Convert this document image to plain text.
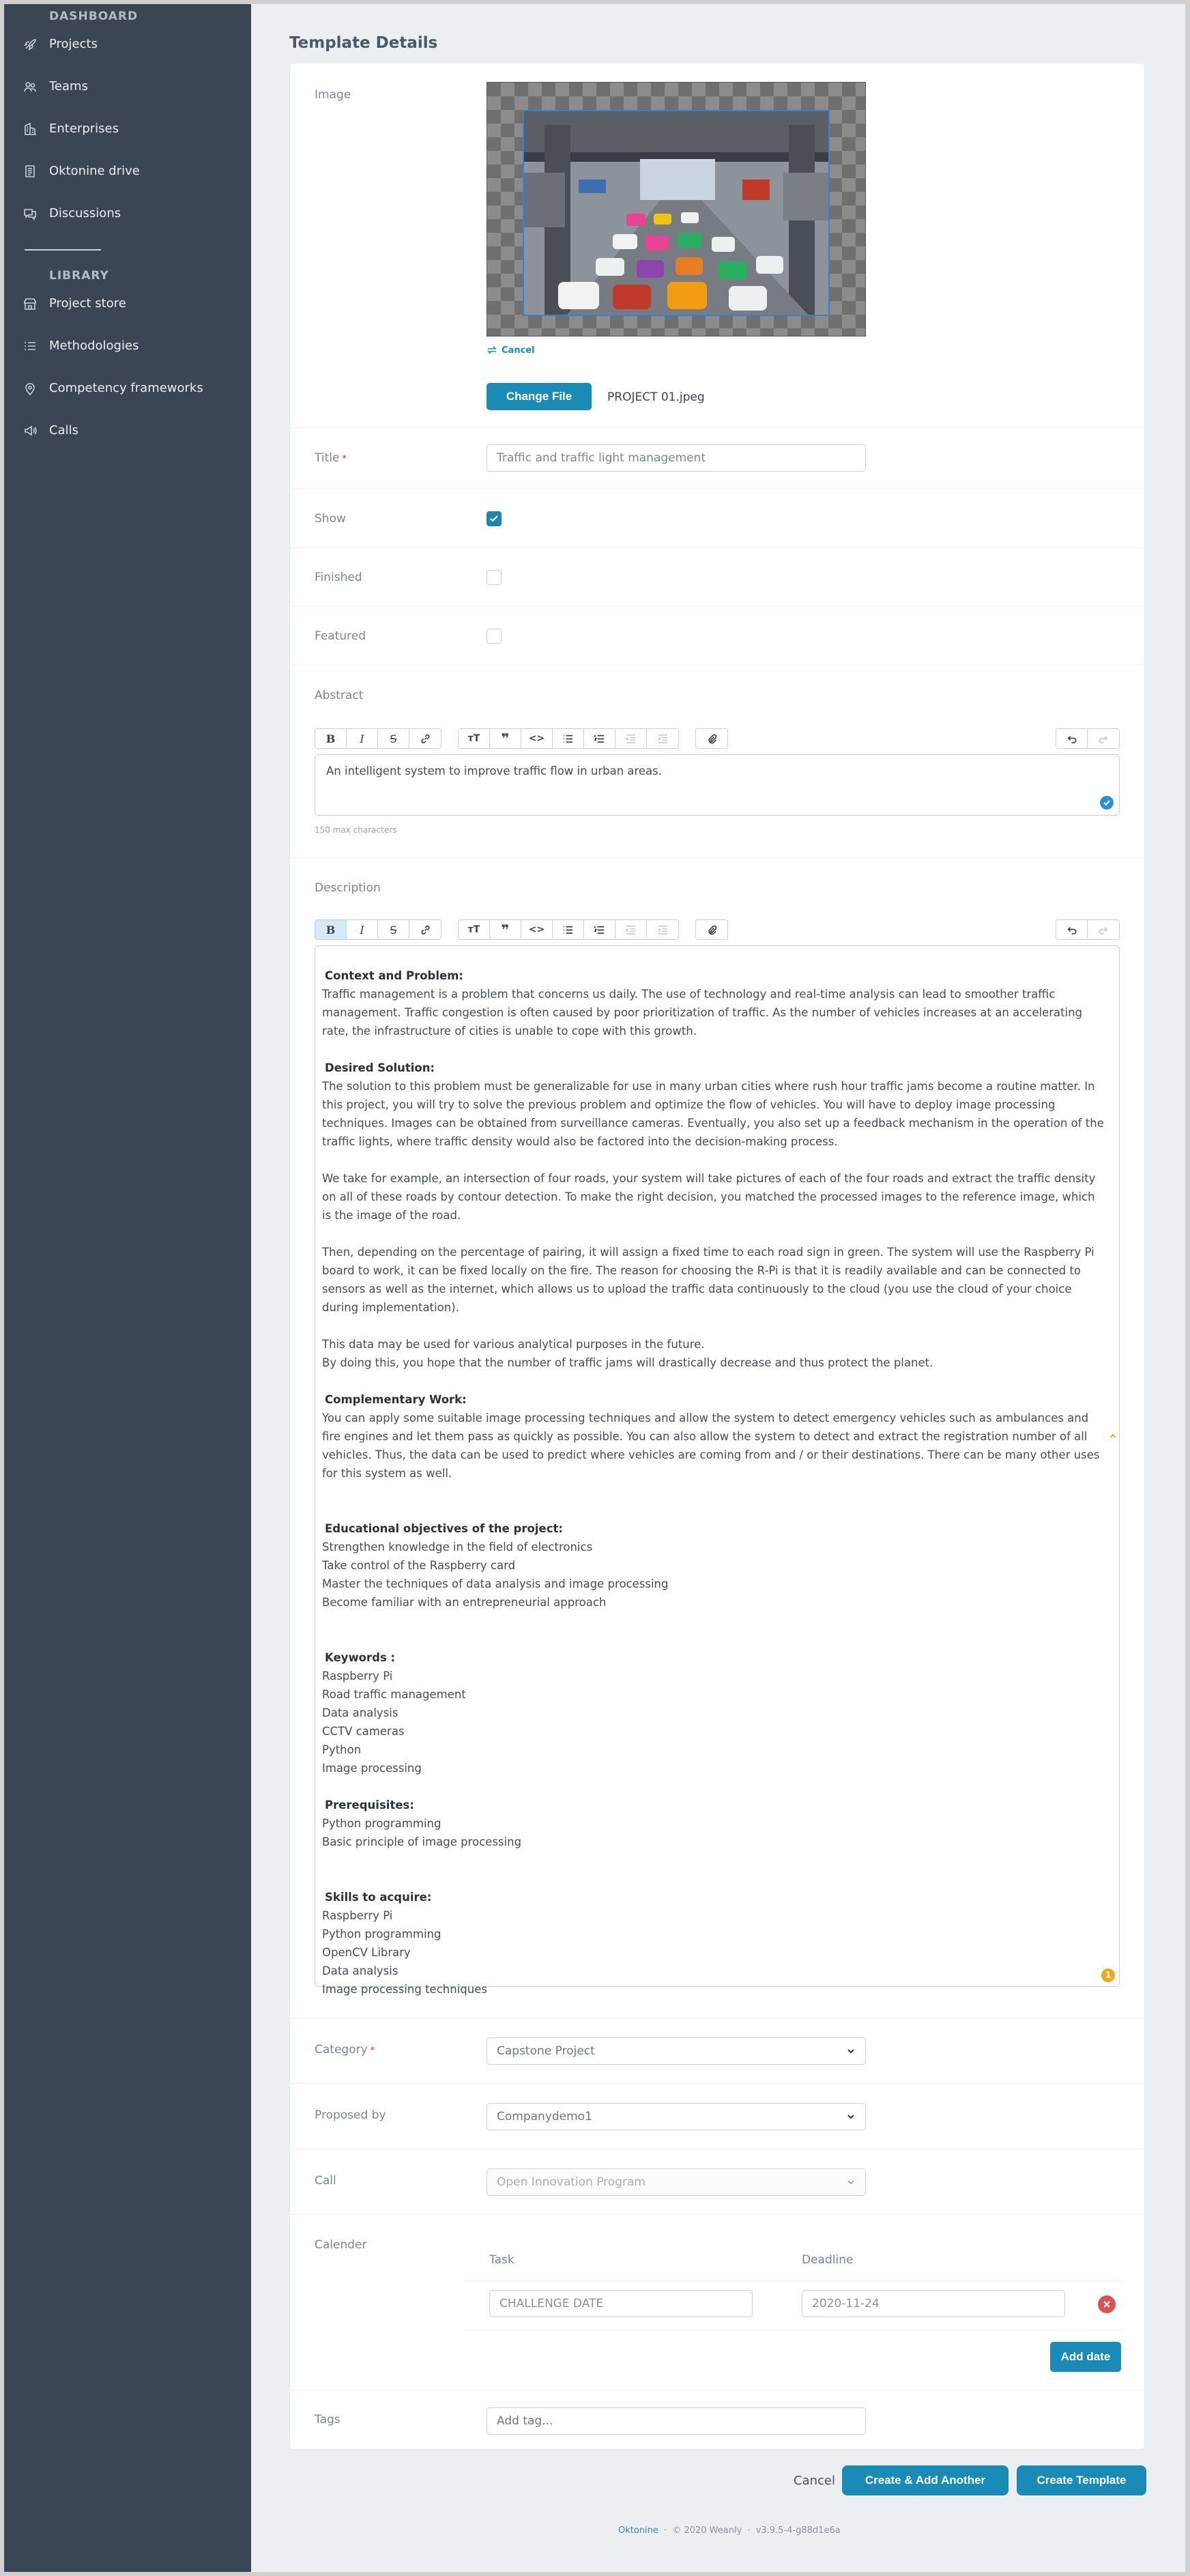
DASHBOARD
Projects
Teams
Enterprises
Oktonine drive
Discussions
LIBRARY
Project store
Methodologies
Competency frameworks
Calls
Template Details
Image
Cancel
Change File	PROJECT 01.jpeg
Title *	Traffic and traffic light management
Show
Finished
Featured
Abstract
B	I	S	тT	❞	<>
An intelligent system to improve traffic flow in urban areas.
150 max characters
Description
B	I	S	тT	❞	<>
Context and Problem:
Traffic management is a problem that concerns us daily. The use of technology and real-time analysis can lead to smoother traffic management. Traffic congestion is often caused by poor prioritization of traffic. As the number of vehicles increases at an accelerating rate, the infrastructure of cities is unable to cope with this growth.
Desired Solution:
The solution to this problem must be generalizable for use in many urban cities where rush hour traffic jams become a routine matter. In this project, you will try to solve the previous problem and optimize the flow of vehicles. You will have to deploy image processing techniques. Images can be obtained from surveillance cameras. Eventually, you also set up a feedback mechanism in the operation of the traffic lights, where traffic density would also be factored into the decision-making process.
We take for example, an intersection of four roads, your system will take pictures of each of the four roads and extract the traffic density on all of these roads by contour detection. To make the right decision, you matched the processed images to the reference image, which is the image of the road.
Then, depending on the percentage of pairing, it will assign a fixed time to each road sign in green. The system will use the Raspberry Pi board to work, it can be fixed locally on the fire. The reason for choosing the R-Pi is that it is readily available and can be connected to sensors as well as the internet, which allows us to upload the traffic data continuously to the cloud (you use the cloud of your choice during implementation).
This data may be used for various analytical purposes in the future.
By doing this, you hope that the number of traffic jams will drastically decrease and thus protect the planet.
Complementary Work:
You can apply some suitable image processing techniques and allow the system to detect emergency vehicles such as ambulances and fire engines and let them pass as quickly as possible. You can also allow the system to detect and extract the registration number of all vehicles. Thus, the data can be used to predict where vehicles are coming from and / or their destinations. There can be many other uses for this system as well.
Educational objectives of the project:
Strengthen knowledge in the field of electronics
Take control of the Raspberry card
Master the techniques of data analysis and image processing
Become familiar with an entrepreneurial approach
Keywords :
Raspberry Pi
Road traffic management
Data analysis
CCTV cameras
Python
Image processing
Prerequisites:
Python programming
Basic principle of image processing
Skills to acquire:
Raspberry Pi
Python programming
OpenCV Library
Data analysis
Image processing techniques
1
Category *	Capstone Project
Proposed by	Companydemo1
Call	Open Innovation Program
Calender
Task	Deadline
CHALLENGE DATE	2020-11-24
Add date
Tags
Add tag...
Cancel	Create & Add Another	Create Template
Oktonine · © 2020 Weanly · v3.9.5-4-g88d1e6a
